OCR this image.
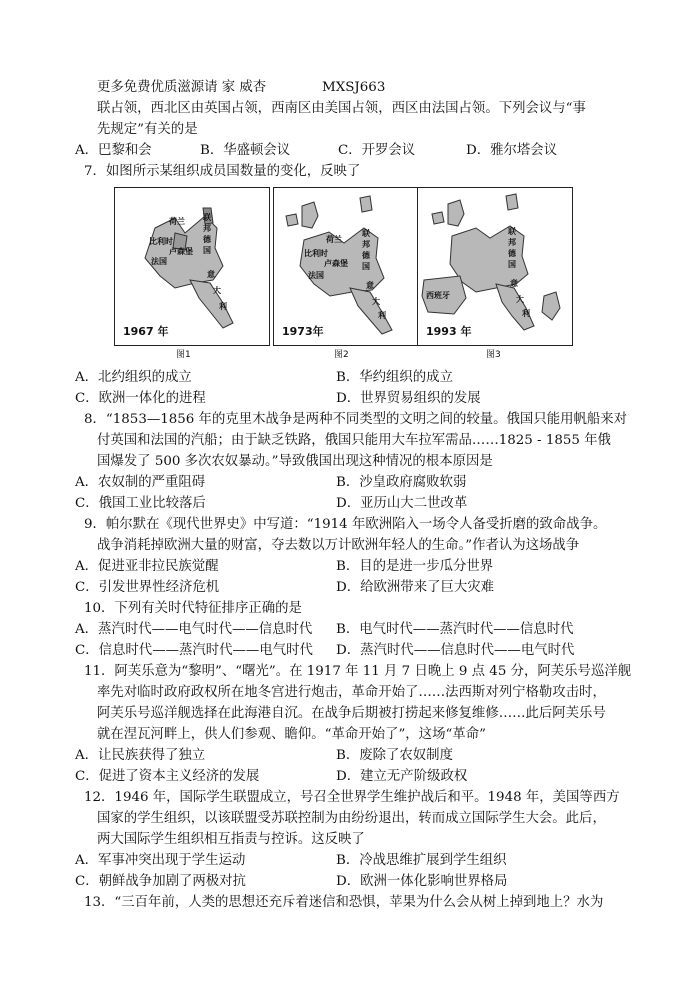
更多免费优质滋源请 家 威杏	MXSJ663
联占领，西北区由英国占领，西南区由美国占领，西区由法国占领。下列会议与“事
先规定”有关的是
A．巴黎和会	B．华盛顿会议	C．开罗会议	D．雅尔塔会议
7．如图所示某组织成员国数量的变化，反映了
荷兰 联
邦
德
国
比利时
卢森堡
法国
意
大
利
1967 年
图1
荷兰
联
邦
德
国
比利时
卢森堡
法国
意
大
利
1973年
图2
联
邦
德
国
西班牙
意
大
利
1993 年
图3
A．北约组织的成立	B．华约组织的成立
C．欧洲一体化的进程	D．世界贸易组织的发展
8．“1853—1856 年的克里木战争是两种不同类型的文明之间的较量。俄国只能用帆船来对
付英国和法国的汽船；由于缺乏铁路，俄国只能用大车拉军需品……1825 - 1855 年俄
国爆发了 500 多次农奴暴动。”导致俄国出现这种情况的根本原因是
A．农奴制的严重阻碍	B．沙皇政府腐败软弱
C．俄国工业比较落后	D．亚历山大二世改革
9．帕尔默在《现代世界史》中写道：“1914 年欧洲陷入一场令人备受折磨的致命战争。
战争消耗掉欧洲大量的财富，夺去数以万计欧洲年轻人的生命。”作者认为这场战争
A．促进亚非拉民族觉醒	B．目的是进一步瓜分世界
C．引发世界性经济危机	D．给欧洲带来了巨大灾难
10．下列有关时代特征排序正确的是
A．蒸汽时代——电气时代——信息时代 B．电气时代——蒸汽时代——信息时代
C．信息时代——蒸汽时代——电气时代 D．蒸汽时代——信息时代——电气时代
11．阿芙乐意为“黎明”、“曙光”。在 1917 年 11 月 7 日晚上 9 点 45 分，阿芙乐号巡洋舰
率先对临时政府政权所在地冬宫进行炮击，革命开始了……法西斯对列宁格勒攻击时，
阿芙乐号巡洋舰选择在此海港自沉。在战争后期被打捞起来修复维修……此后阿芙乐号
就在涅瓦河畔上，供人们参观、瞻仰。“革命开始了”，这场“革命”
A．让民族获得了独立	B．废除了农奴制度
C．促进了资本主义经济的发展	D．建立无产阶级政权
12．1946 年，国际学生联盟成立，号召全世界学生维护战后和平。1948 年，美国等西方
国家的学生组织，以该联盟受苏联控制为由纷纷退出，转而成立国际学生大会。此后，
两大国际学生组织相互指责与控诉。这反映了
A．军事冲突出现于学生运动	B．冷战思维扩展到学生组织
C．朝鲜战争加剧了两极对抗	D．欧洲一体化影响世界格局
13．“三百年前，人类的思想还充斥着迷信和恐惧，苹果为什么会从树上掉到地上？水为
